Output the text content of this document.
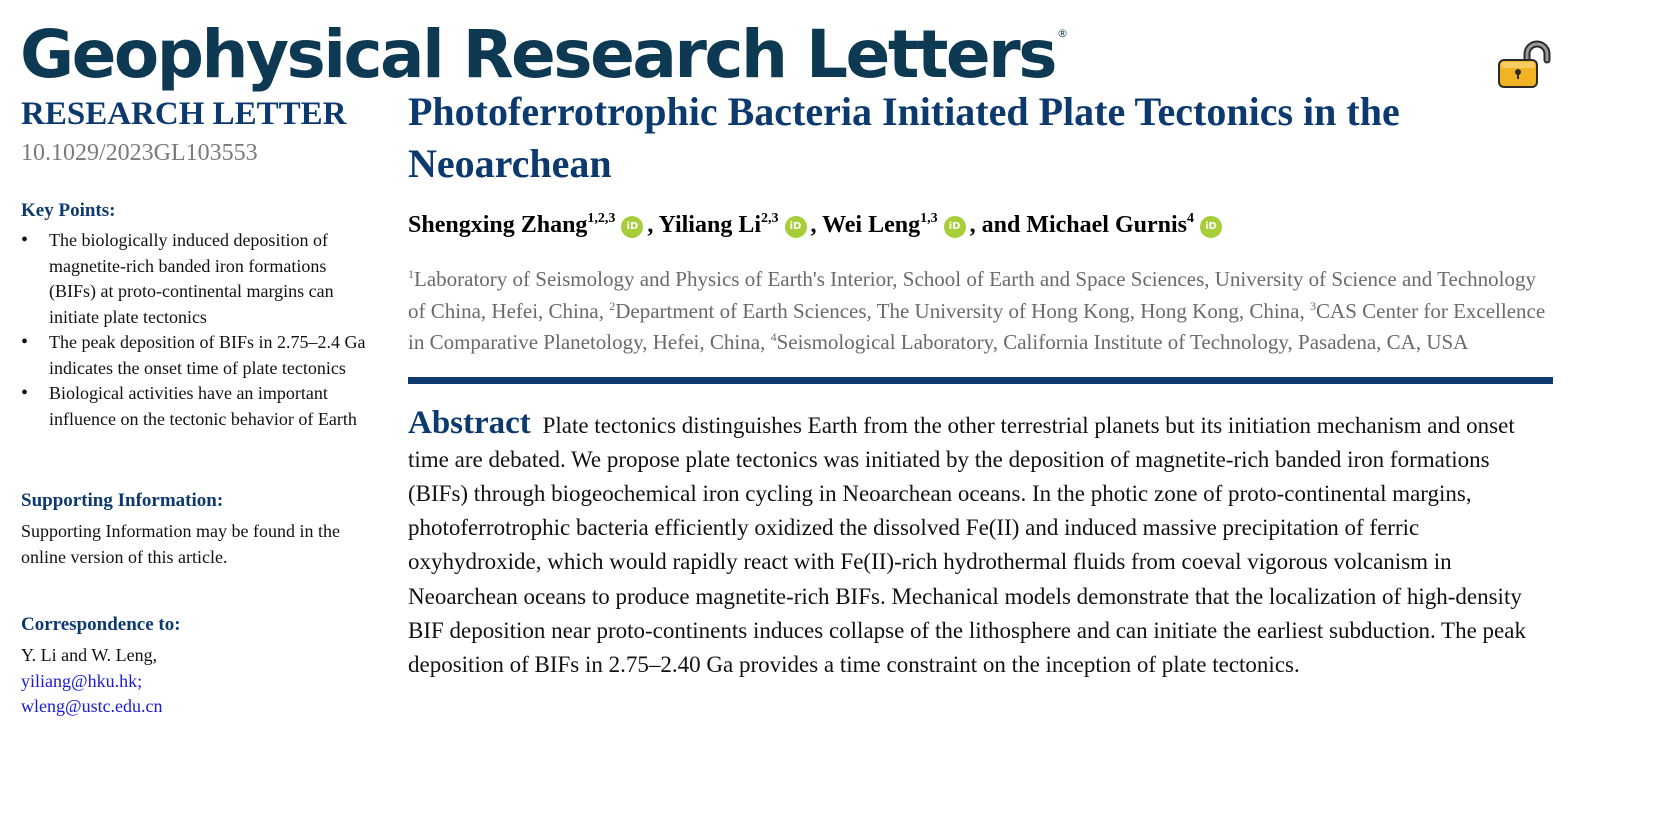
Geophysical Research Letters ®
RESEARCH LETTER
10.1029/2023GL103553
Key Points:
• The biologically induced deposition of magnetite-rich banded iron formations (BIFs) at proto-continental margins can initiate plate tectonics
• The peak deposition of BIFs in 2.75–2.4 Ga indicates the onset time of plate tectonics
• Biological activities have an important influence on the tectonic behavior of Earth
Supporting Information:
Supporting Information may be found in the online version of this article.
Correspondence to:
Y. Li and W. Leng,
yiliang@hku.hk;
wleng@ustc.edu.cn
Photoferrotrophic Bacteria Initiated Plate Tectonics in the Neoarchean
Shengxing Zhang$^{1,2,3}$iD , Yiliang Li$^{2,3}$iD , Wei Leng$^{1,3}$iD , and Michael Gurnis$^4$iD
$^1$Laboratory of Seismology and Physics of Earth's Interior, School of Earth and Space Sciences, University of Science and Technology of China, Hefei, China, $^2$Department of Earth Sciences, The University of Hong Kong, Hong Kong, China, $^3$CAS Center for Excellence in Comparative Planetology, Hefei, China, $^4$Seismological Laboratory, California Institute of Technology, Pasadena, CA, USA
Abstract Plate tectonics distinguishes Earth from the other terrestrial planets but its initiation mechanism and onset time are debated. We propose plate tectonics was initiated by the deposition of magnetite-rich banded iron formations (BIFs) through biogeochemical iron cycling in Neoarchean oceans. In the photic zone of proto-continental margins, photoferrotrophic bacteria efficiently oxidized the dissolved Fe(II) and induced massive precipitation of ferric oxyhydroxide, which would rapidly react with Fe(II)-rich hydrothermal fluids from coeval vigorous volcanism in Neoarchean oceans to produce magnetite-rich BIFs. Mechanical models demonstrate that the localization of high-density BIF deposition near proto-continents induces collapse of the lithosphere and can initiate the earliest subduction. The peak deposition of BIFs in 2.75–2.40 Ga provides a time constraint on the inception of plate tectonics.
